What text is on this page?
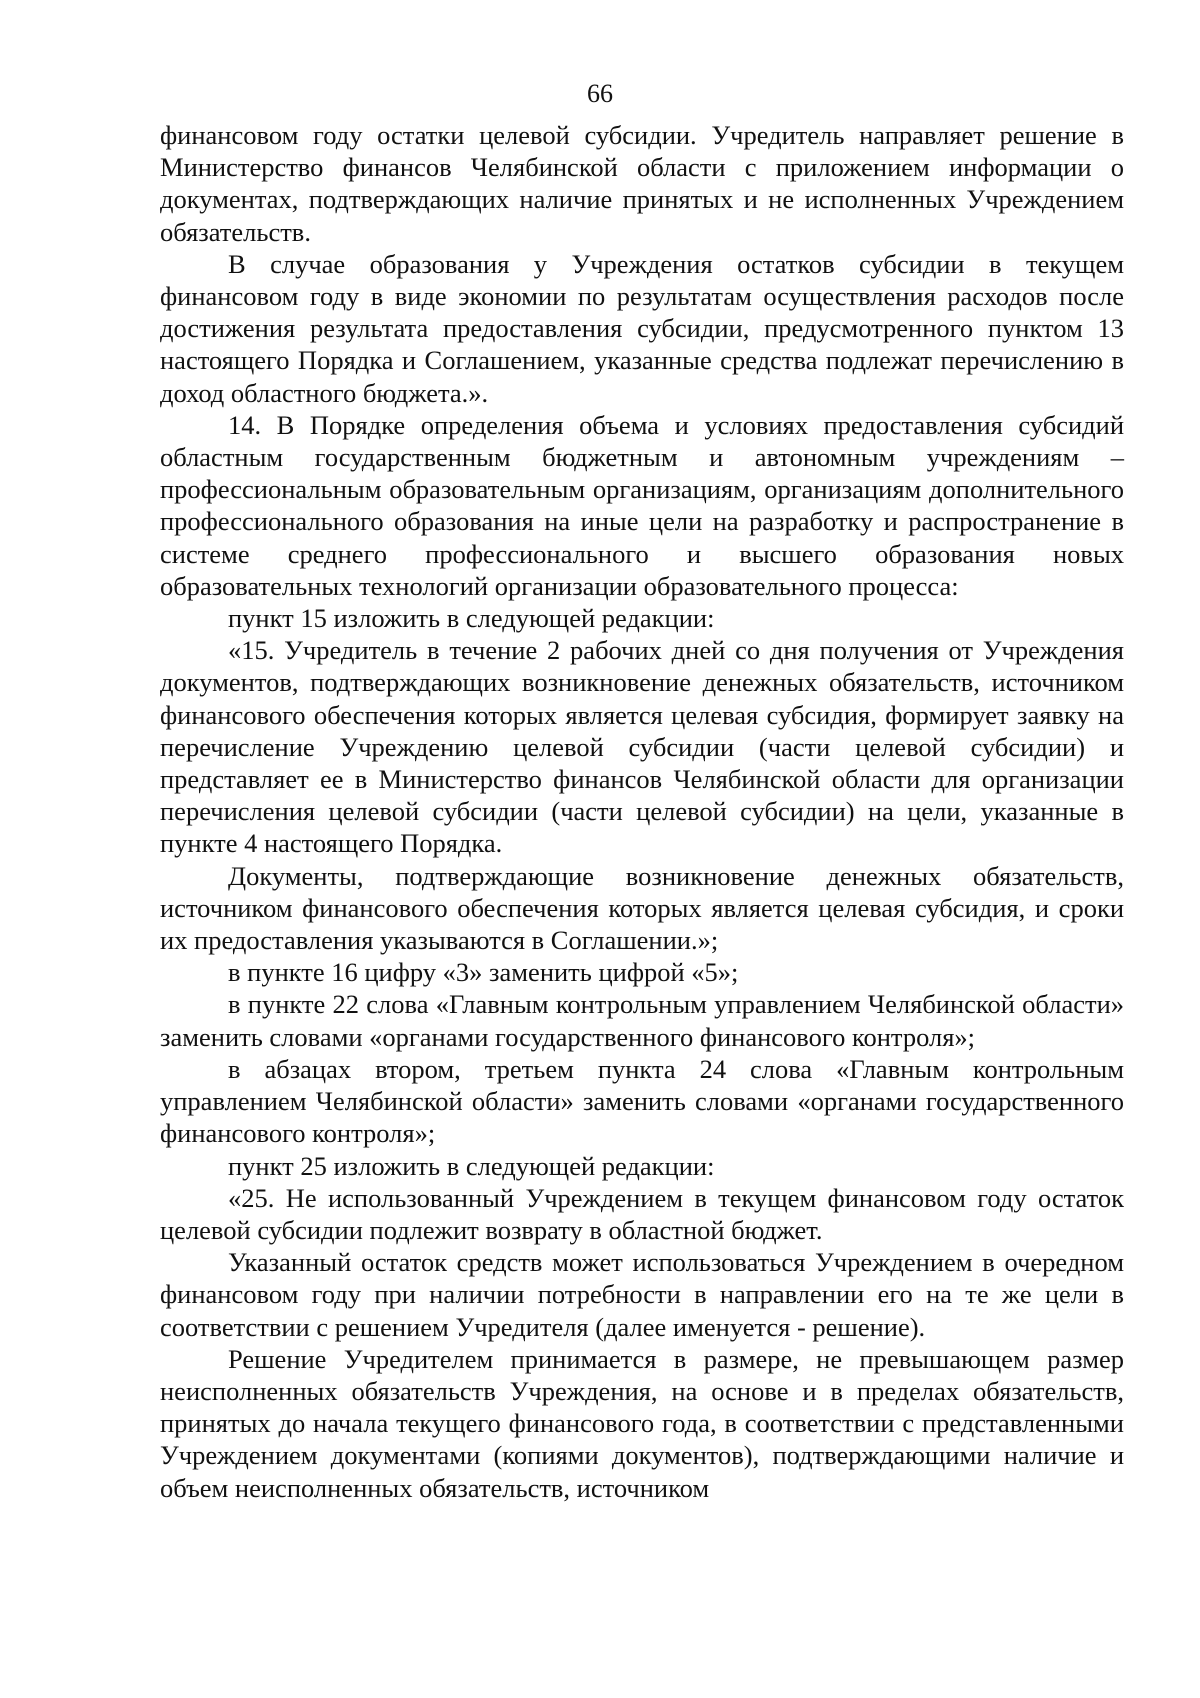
66

финансовом году остатки целевой субсидии. Учредитель направляет решение в Министерство финансов Челябинской области с приложением информации о документах, подтверждающих наличие принятых и не исполненных Учреждением обязательств.

В случае образования у Учреждения остатков субсидии в текущем финансовом году в виде экономии по результатам осуществления расходов после достижения результата предоставления субсидии, предусмотренного пунктом 13 настоящего Порядка и Соглашением, указанные средства подлежат перечислению в доход областного бюджета.».

14. В Порядке определения объема и условиях предоставления субсидий областным государственным бюджетным и автономным учреждениям – профессиональным образовательным организациям, организациям дополнительного профессионального образования на иные цели на разработку и распространение в системе среднего профессионального и высшего образования новых образовательных технологий организации образовательного процесса:

пункт 15 изложить в следующей редакции:

«15. Учредитель в течение 2 рабочих дней со дня получения от Учреждения документов, подтверждающих возникновение денежных обязательств, источником финансового обеспечения которых является целевая субсидия, формирует заявку на перечисление Учреждению целевой субсидии (части целевой субсидии) и представляет ее в Министерство финансов Челябинской области для организации перечисления целевой субсидии (части целевой субсидии) на цели, указанные в пункте 4 настоящего Порядка.

Документы, подтверждающие возникновение денежных обязательств, источником финансового обеспечения которых является целевая субсидия, и сроки их предоставления указываются в Соглашении.»;

в пункте 16 цифру «3» заменить цифрой «5»;

в пункте 22 слова «Главным контрольным управлением Челябинской области» заменить словами «органами государственного финансового контроля»;

в абзацах втором, третьем пункта 24 слова «Главным контрольным управлением Челябинской области» заменить словами «органами государственного финансового контроля»;

пункт 25 изложить в следующей редакции:

«25. Не использованный Учреждением в текущем финансовом году остаток целевой субсидии подлежит возврату в областной бюджет.

Указанный остаток средств может использоваться Учреждением в очередном финансовом году при наличии потребности в направлении его на те же цели в соответствии с решением Учредителя (далее именуется - решение).

Решение Учредителем принимается в размере, не превышающем размер неисполненных обязательств Учреждения, на основе и в пределах обязательств, принятых до начала текущего финансового года, в соответствии с представленными Учреждением документами (копиями документов), подтверждающими наличие и объем неисполненных обязательств, источником
